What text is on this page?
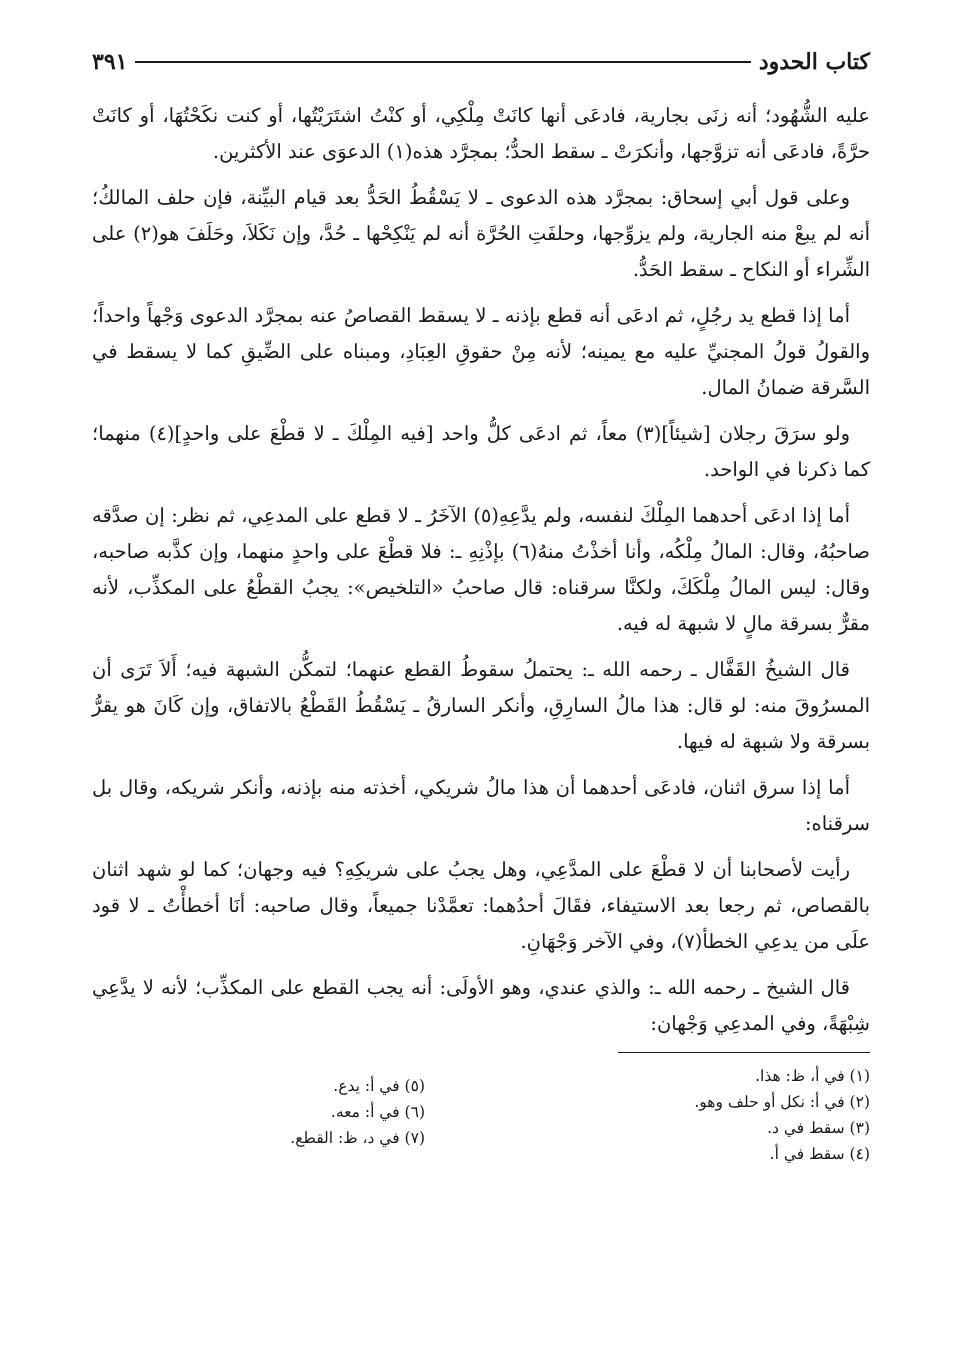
كتاب الحدود
٣٩١

عليه الشُّهُود؛ أنه زنَى بجارية، فادعَى أنها كانَتْ مِلْكِي، أو كنْتُ اشتَرَيْتُها، أو كنت نكَحْتُهَا، أو كانَتْ حرَّةً، فادعَى أنه تزوَّجها، وأنكرَتْ ـ سقط الحدُّ؛ بمجرَّد هذه(١) الدعوَى عند الأكثرين.

وعلى قول أبي إسحاق: بمجرَّد هذه الدعوى ـ لا يَسْقُطُ الحَدُّ بعد قيام البيِّنة، فإن حلف المالكُ؛ أنه لم يبعْ منه الجارية، ولم يزوِّجها، وحلفَتِ الحُرَّة أنه لم يَنْكِحْها ـ حُدَّ، وإن نَكَلاَ، وحَلَفَ هو(٢) على الشِّراء أو النكاح ـ سقط الحَدُّ.

أما إذا قطع يد رجُلٍ، ثم ادعَى أنه قطع بإذنه ـ لا يسقط القصاصُ عنه بمجرَّد الدعوى وَجْهاً واحداً؛ والقولُ قولُ المجنيِّ عليه مع يمينه؛ لأنه مِنْ حقوقِ العِبَادِ، ومبناه على الضِّيقِ كما لا يسقط في السَّرقة ضمانُ المال.

ولو سرَقَ رجلان [شيئاً](٣) معاً، ثم ادعَى كلُّ واحد [فيه المِلْكَ ـ لا قطْعَ على واحدٍ](٤) منهما؛ كما ذكرنا في الواحد.

أما إذا ادعَى أحدهما المِلْكَ لنفسه، ولم يدَّعِهِ(٥) الآخَرُ ـ لا قطع على المدعِي، ثم نظر: إن صدَّقه صاحبُهُ، وقال: المالُ مِلْكُه، وأنا أخذْتُ منهُ(٦) بإذْنِهِ ـ: فلا قطْعَ على واحدٍ منهما، وإن كذَّبه صاحبه، وقال: ليس المالُ مِلْكَكَ، ولكنَّا سرقناه: قال صاحبُ «التلخيص»: يجبُ القطْعُ على المكذِّب، لأنه مقرٌّ بسرقة مالٍ لا شبهة له فيه.

قال الشيخُ القَفَّال ـ رحمه الله ـ: يحتملُ سقوطُ القطع عنهما؛ لتمكُّن الشبهة فيه؛ أَلاَ تَرَى أن المسرُوقَ منه: لو قال: هذا مالُ السارِقِ، وأنكر السارقُ ـ يَسْقُطُ القَطْعُ بالاتفاق، وإن كَانَ هو يقرُّ بسرقة ولا شبهة له فيها.

أما إذا سرق اثنان، فادعَى أحدهما أن هذا مالُ شريكي، أخذته منه بإذنه، وأنكر شريكه، وقال بل سرقناه:

رأيت لأصحابنا أن لا قطْعَ على المدَّعِي، وهل يجبُ على شريكِهِ؟ فيه وجهان؛ كما لو شهد اثنان بالقصاص، ثم رجعا بعد الاستيفاء، فقَالَ أحدُهما: تعمَّدْنا جميعاً، وقال صاحبه: أنَا أخطأْتُ ـ لا قود علَى من يدعِي الخطأ(٧)، وفي الآخر وَجْهَانِ.

قال الشيخ ـ رحمه الله ـ: والذي عندي، وهو الأولَى: أنه يجب القطع على المكذِّب؛ لأنه لا يدَّعِي شِبْهَةً، وفي المدعِي وَجْهان:

(١) في أ، ظ: هذا.
(٢) في أ: نكل أو حلف وهو.
(٣) سقط في د.
(٤) سقط في أ.
(٥) في أ: يدع.
(٦) في أ: معه.
(٧) في د، ظ: القطع.
